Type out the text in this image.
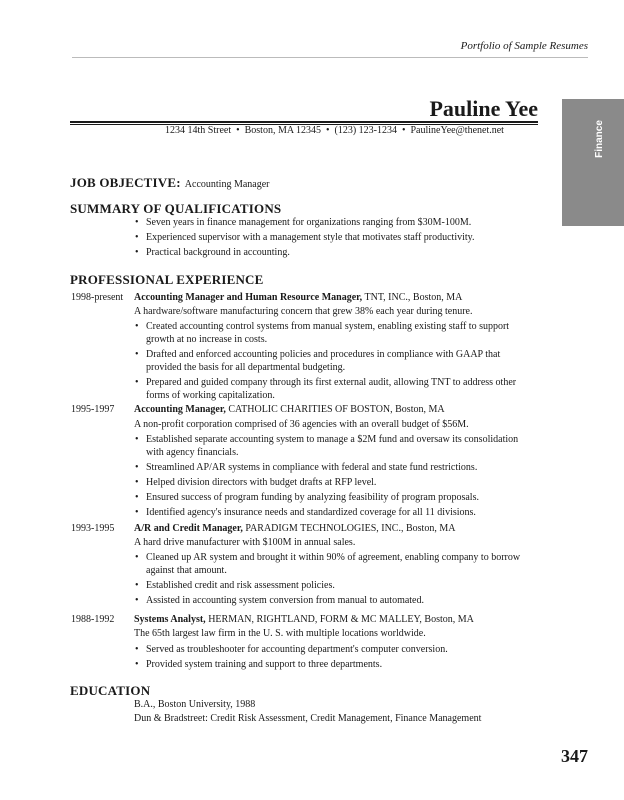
Portfolio of Sample Resumes
Finance
Pauline Yee
1234 14th Street  •  Boston, MA 12345  •  (123) 123-1234  •  PaulineYee@thenet.net
JOB OBJECTIVE: Accounting Manager
SUMMARY OF QUALIFICATIONS
• Seven years in finance management for organizations ranging from $30M-100M.
• Experienced supervisor with a management style that motivates staff productivity.
• Practical background in accounting.
PROFESSIONAL EXPERIENCE
1998-present Accounting Manager and Human Resource Manager, TNT, INC., Boston, MA
A hardware/software manufacturing concern that grew 38% each year during tenure.
• Created accounting control systems from manual system, enabling existing staff to support growth at no increase in costs.
• Drafted and enforced accounting policies and procedures in compliance with GAAP that provided the basis for all departmental budgeting.
• Prepared and guided company through its first external audit, allowing TNT to address other forms of working capitalization.
1995-1997 Accounting Manager, CATHOLIC CHARITIES OF BOSTON, Boston, MA
A non-profit corporation comprised of 36 agencies with an overall budget of $56M.
• Established separate accounting system to manage a $2M fund and oversaw its consolidation with agency financials.
• Streamlined AP/AR systems in compliance with federal and state fund restrictions.
• Helped division directors with budget drafts at RFP level.
• Ensured success of program funding by analyzing feasibility of program proposals.
• Identified agency's insurance needs and standardized coverage for all 11 divisions.
1993-1995 A/R and Credit Manager, PARADIGM TECHNOLOGIES, INC., Boston, MA
A hard drive manufacturer with $100M in annual sales.
• Cleaned up AR system and brought it within 90% of agreement, enabling company to borrow against that amount.
• Established credit and risk assessment policies.
• Assisted in accounting system conversion from manual to automated.
1988-1992 Systems Analyst, HERMAN, RIGHTLAND, FORM & MC MALLEY, Boston, MA
The 65th largest law firm in the U. S. with multiple locations worldwide.
• Served as troubleshooter for accounting department's computer conversion.
• Provided system training and support to three departments.
EDUCATION
B.A., Boston University, 1988
Dun & Bradstreet: Credit Risk Assessment, Credit Management, Finance Management
347
